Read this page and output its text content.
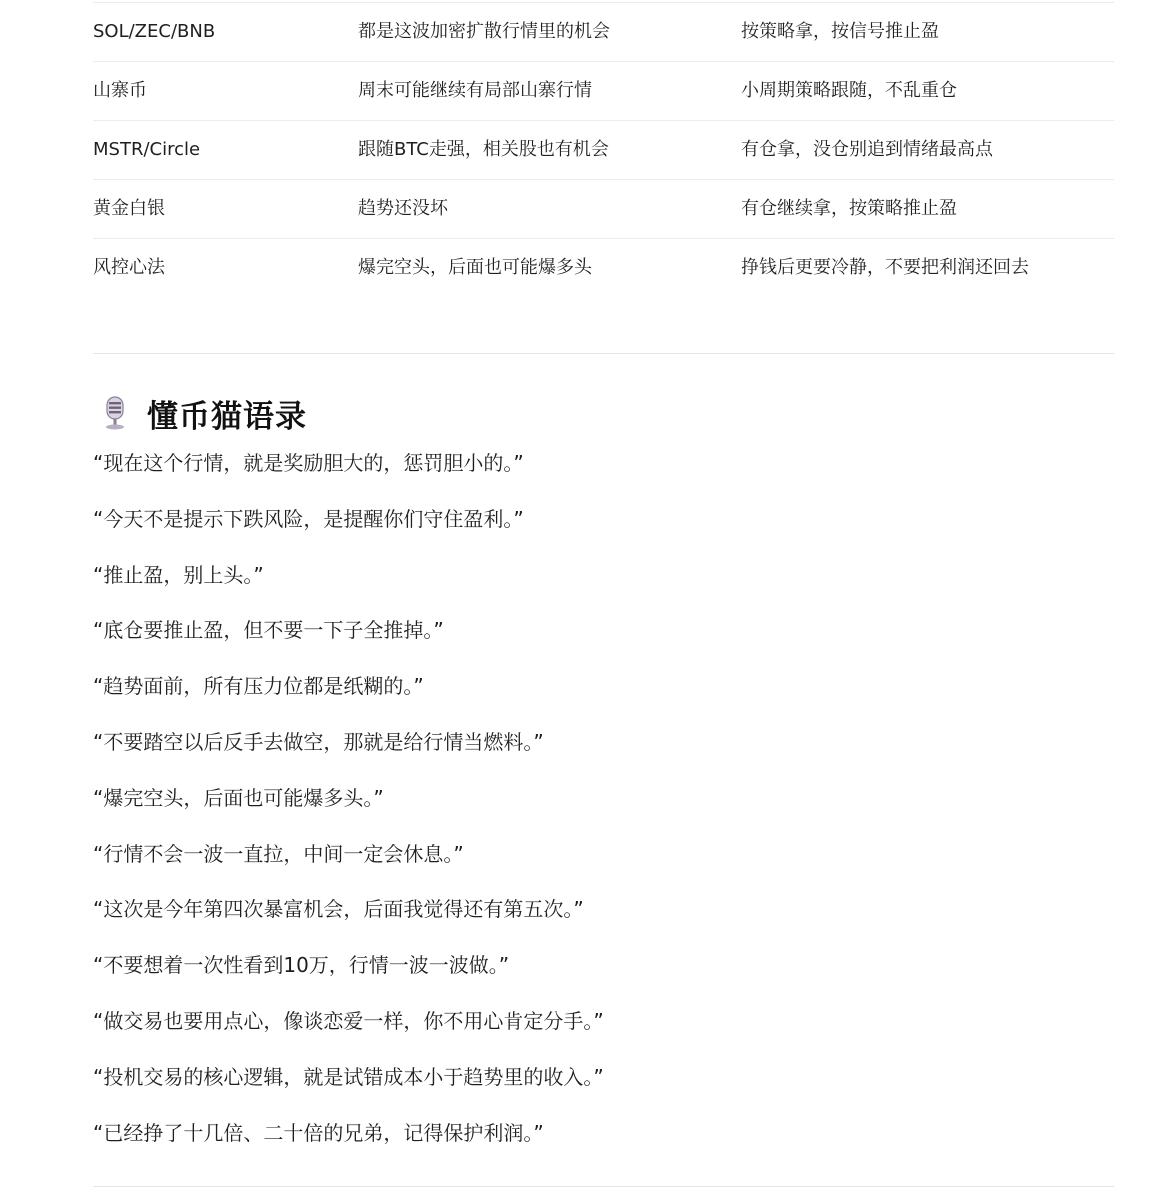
SOL/ZEC/BNB	都是这波加密扩散行情里的机会	按策略拿，按信号推止盈
山寨币	周末可能继续有局部山寨行情	小周期策略跟随，不乱重仓
MSTR/Circle	跟随BTC走强，相关股也有机会	有仓拿，没仓别追到情绪最高点
黄金白银	趋势还没坏	有仓继续拿，按策略推止盈
风控心法	爆完空头，后面也可能爆多头	挣钱后更要冷静，不要把利润还回去
懂币猫语录
“现在这个行情，就是奖励胆大的，惩罚胆小的。”
“今天不是提示下跌风险，是提醒你们守住盈利。”
“推止盈，别上头。”
“底仓要推止盈，但不要一下子全推掉。”
“趋势面前，所有压力位都是纸糊的。”
“不要踏空以后反手去做空，那就是给行情当燃料。”
“爆完空头，后面也可能爆多头。”
“行情不会一波一直拉，中间一定会休息。”
“这次是今年第四次暴富机会，后面我觉得还有第五次。”
“不要想着一次性看到10万，行情一波一波做。”
“做交易也要用点心，像谈恋爱一样，你不用心肯定分手。”
“投机交易的核心逻辑，就是试错成本小于趋势里的收入。”
“已经挣了十几倍、二十倍的兄弟，记得保护利润。”
